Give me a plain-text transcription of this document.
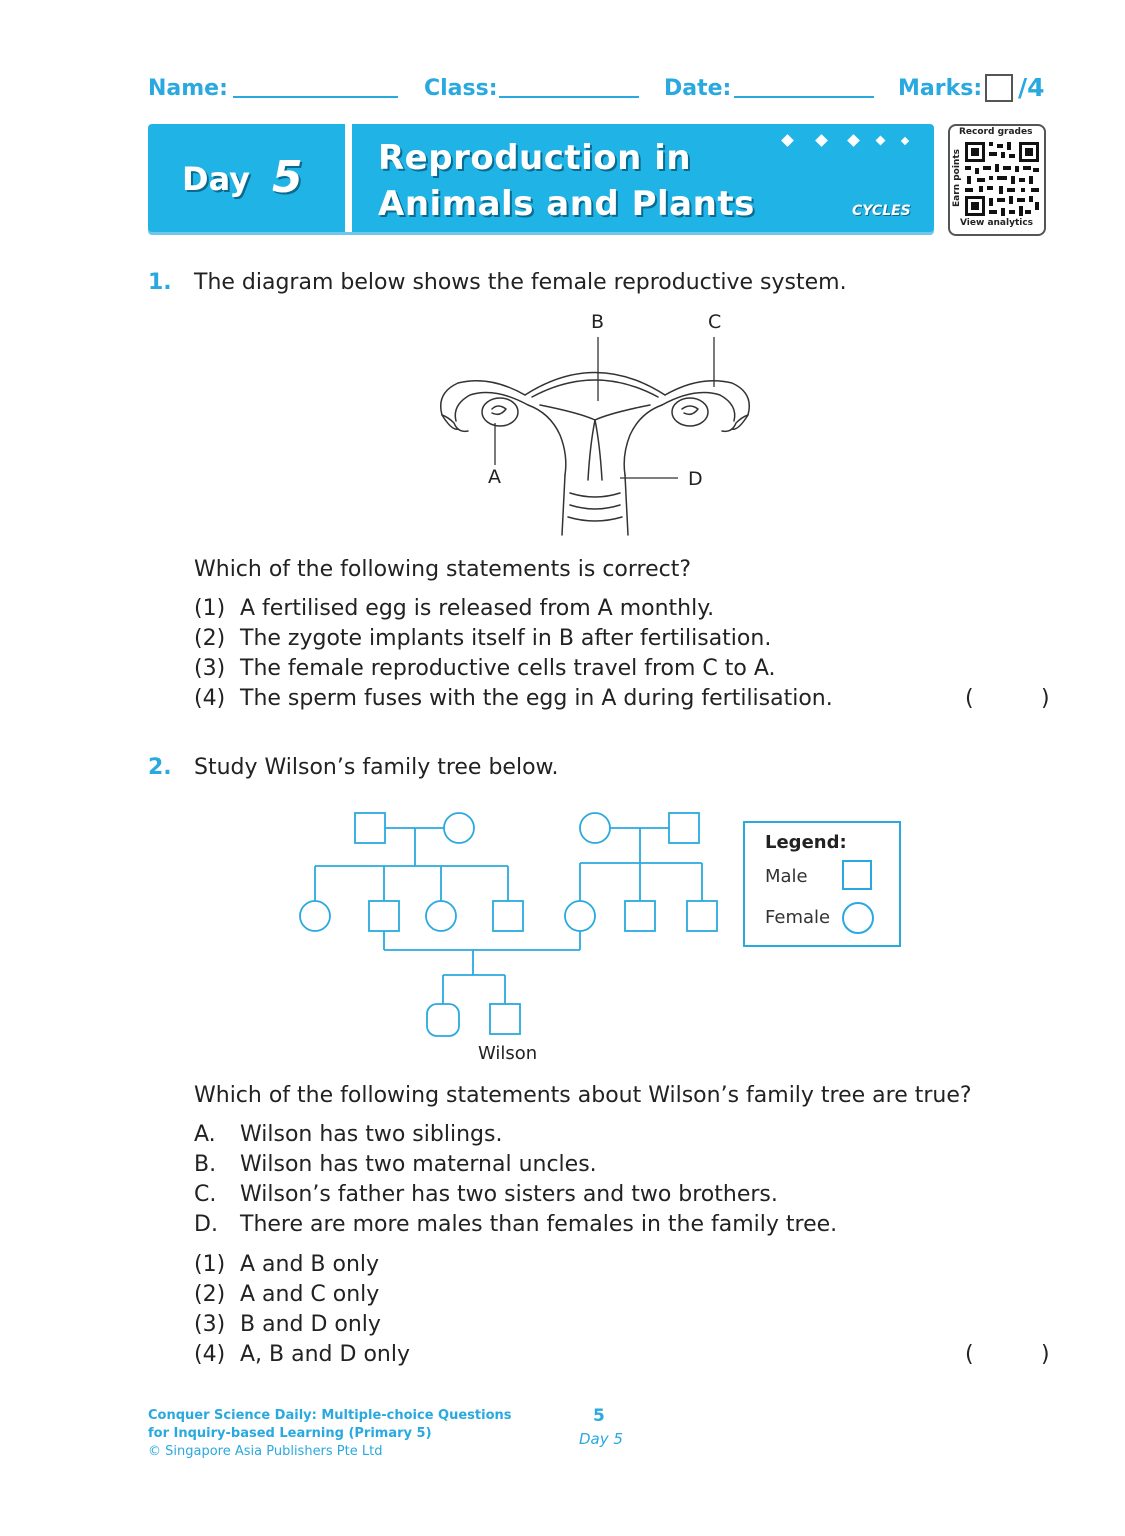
Name:	Class:	Date:	Marks: /4
Day 5 Reproduction in
Animals and Plants	CYCLES
Record grades
Earn points
View analytics
1. The diagram below shows the female reproductive system.
B	C
A	D
Which of the following statements is correct?
(1) A fertilised egg is released from A monthly.
(2) The zygote implants itself in B after fertilisation.
(3) The female reproductive cells travel from C to A.
(4) The sperm fuses with the egg in A during fertilisation.	(	)
2. Study Wilson’s family tree below.
Wilson
Legend:
Male
Female
Which of the following statements about Wilson’s family tree are true?
A. Wilson has two siblings.
B. Wilson has two maternal uncles.
C. Wilson’s father has two sisters and two brothers.
D. There are more males than females in the family tree.
(1) A and B only
(2) A and C only
(3) B and D only
(4) A, B and D only	(	)
Conquer Science Daily: Multiple-choice Questions
for Inquiry-based Learning (Primary 5)
© Singapore Asia Publishers Pte Ltd
5
Day 5
